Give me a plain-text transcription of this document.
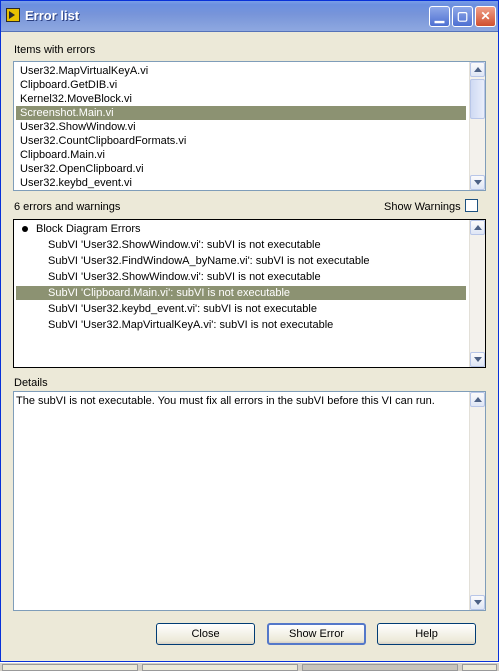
Error list	▁	▢	✕
Items with errors
User32.MapVirtualKeyA.vi
Clipboard.GetDIB.vi
Kernel32.MoveBlock.vi
Screenshot.Main.vi
User32.ShowWindow.vi
User32.CountClipboardFormats.vi
Clipboard.Main.vi
User32.OpenClipboard.vi
User32.keybd_event.vi
6 errors and warnings	Show Warnings
Block Diagram Errors
SubVI 'User32.ShowWindow.vi': subVI is not executable
SubVI 'User32.FindWindowA_byName.vi': subVI is not executable
SubVI 'User32.ShowWindow.vi': subVI is not executable
SubVI 'Clipboard.Main.vi': subVI is not executable
SubVI 'User32.keybd_event.vi': subVI is not executable
SubVI 'User32.MapVirtualKeyA.vi': subVI is not executable
Details
The subVI is not executable. You must fix all errors in the subVI before this VI can run.
Close	Show Error	Help
